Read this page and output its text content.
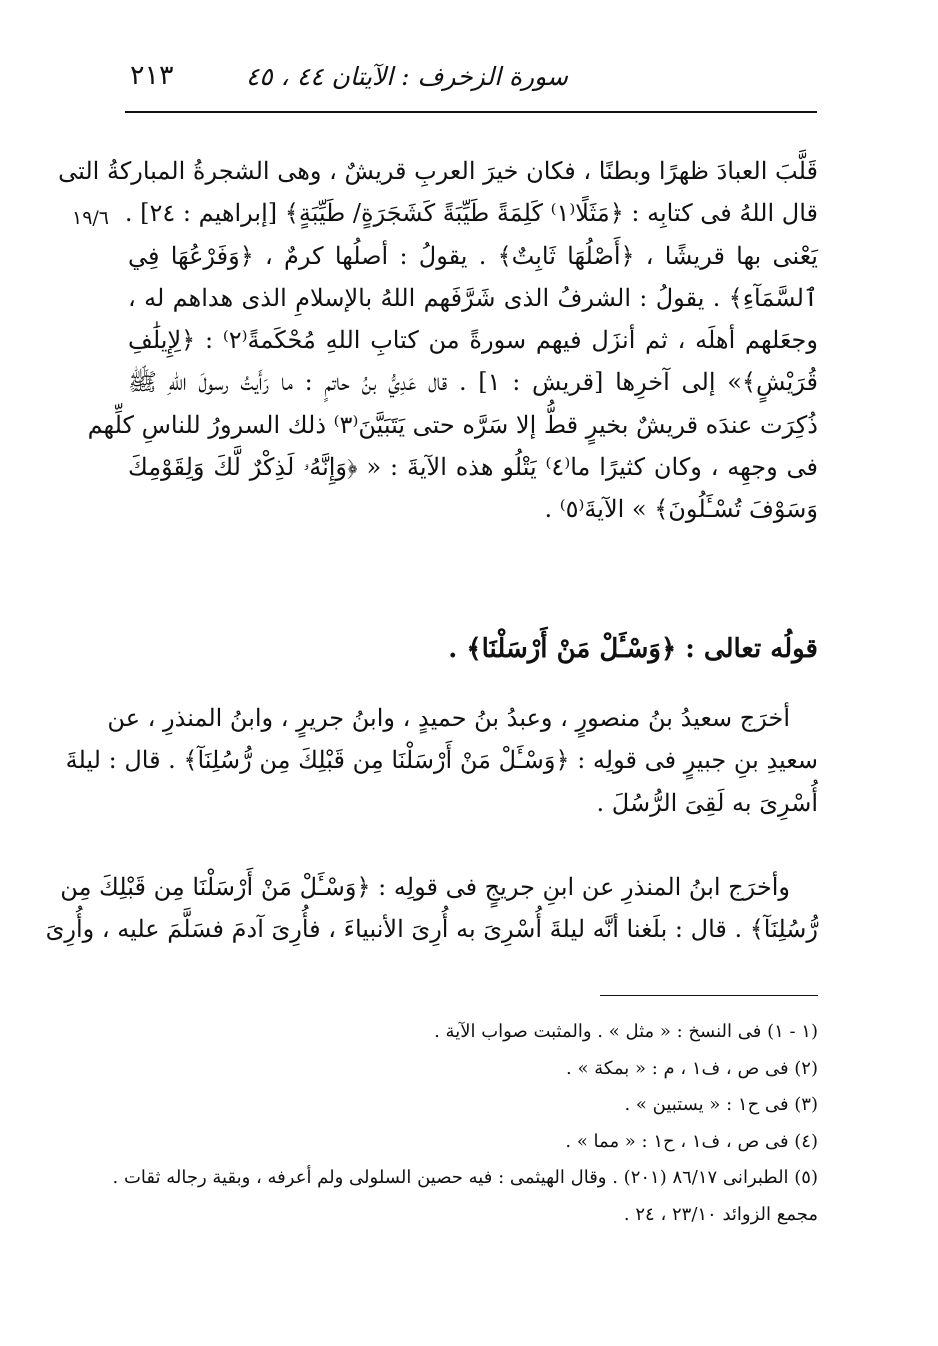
سورة الزخرف : الآيتان ٤٤ ، ٤٥
٢١٣
١٩/٦
قَلَّبَ العبادَ ظهرًا وبطنًا ، فكان خيرَ العربِ قريشٌ ، وهى الشجرةُ المباركةُ التى
قال اللهُ فى كتابِه : ﴿مَثَلًا⁽١⁾ كَلِمَةً طَيِّبَةً كَشَجَرَةٍ/ طَيِّبَةٍ﴾ [إبراهيم : ٢٤] .
يَعْنى بها قريشًا ، ﴿أَصْلُهَا ثَابِتٌ﴾ . يقولُ : أصلُها كرمٌ ، ﴿وَفَرْعُهَا فِي
ٱلسَّمَآءِ﴾ . يقولُ : الشرفُ الذى شَرَّفَهم اللهُ بالإسلامِ الذى هداهم له ،
وجعَلهم أهلَه ، ثم أنزَل فيهم سورةً من كتابِ اللهِ مُحْكَمةً⁽٢⁾ : ﴿لِإِيلَٰفِ
قُرَيْشٍ﴾» إلى آخرِها [قريش : ١] . قال عَدِيُّ بنُ حاتمٍ : ما رَأَيتُ رسولَ اللهِ ﷺ
ذُكِرَت عندَه قريشٌ بخيرٍ قطُّ إلا سَرَّه حتى يَتَبَيَّنَ⁽٣⁾ ذلك السرورُ للناسِ كلِّهم
فى وجهِه ، وكان كثيرًا ما⁽٤⁾ يَتْلُو هذه الآيةَ : « ﴿وَإِنَّهُۥ لَذِكْرٌ لَّكَ وَلِقَوْمِكَ
وَسَوْفَ تُسْـَٔلُونَ﴾ » الآيةَ⁽٥⁾ .
قولُه تعالى : ﴿وَسْـَٔلْ مَنْ أَرْسَلْنَا﴾ .
أخرَج سعيدُ بنُ منصورٍ ، وعبدُ بنُ حميدٍ ، وابنُ جريرٍ ، وابنُ المنذرِ ، عن
سعيدِ بنِ جبيرٍ فى قولِه : ﴿وَسْـَٔلْ مَنْ أَرْسَلْنَا مِن قَبْلِكَ مِن رُّسُلِنَآ﴾ . قال : ليلةَ
أُسْرِىَ به لَقِىَ الرُّسُلَ .
وأخرَج ابنُ المنذرِ عن ابنِ جريجٍ فى قولِه : ﴿وَسْـَٔلْ مَنْ أَرْسَلْنَا مِن قَبْلِكَ مِن
رُّسُلِنَآ﴾ . قال : بلَغنا أنَّه ليلةَ أُسْرِىَ به أُرِىَ الأنبياءَ ، فأُرِىَ آدمَ فسَلَّمَ عليه ، وأُرِىَ
(١ - ١) فى النسخ : « مثل » . والمثبت صواب الآية .
(٢) فى ص ، ف١ ، م : « بمكة » .
(٣) فى ح١ : « يستبين » .
(٤) فى ص ، ف١ ، ح١ : « مما » .
(٥) الطبرانى ٨٦/١٧ (٢٠١) . وقال الهيثمى : فيه حصين السلولى ولم أعرفه ، وبقية رجاله ثقات .
مجمع الزوائد ٢٣/١٠ ، ٢٤ .
